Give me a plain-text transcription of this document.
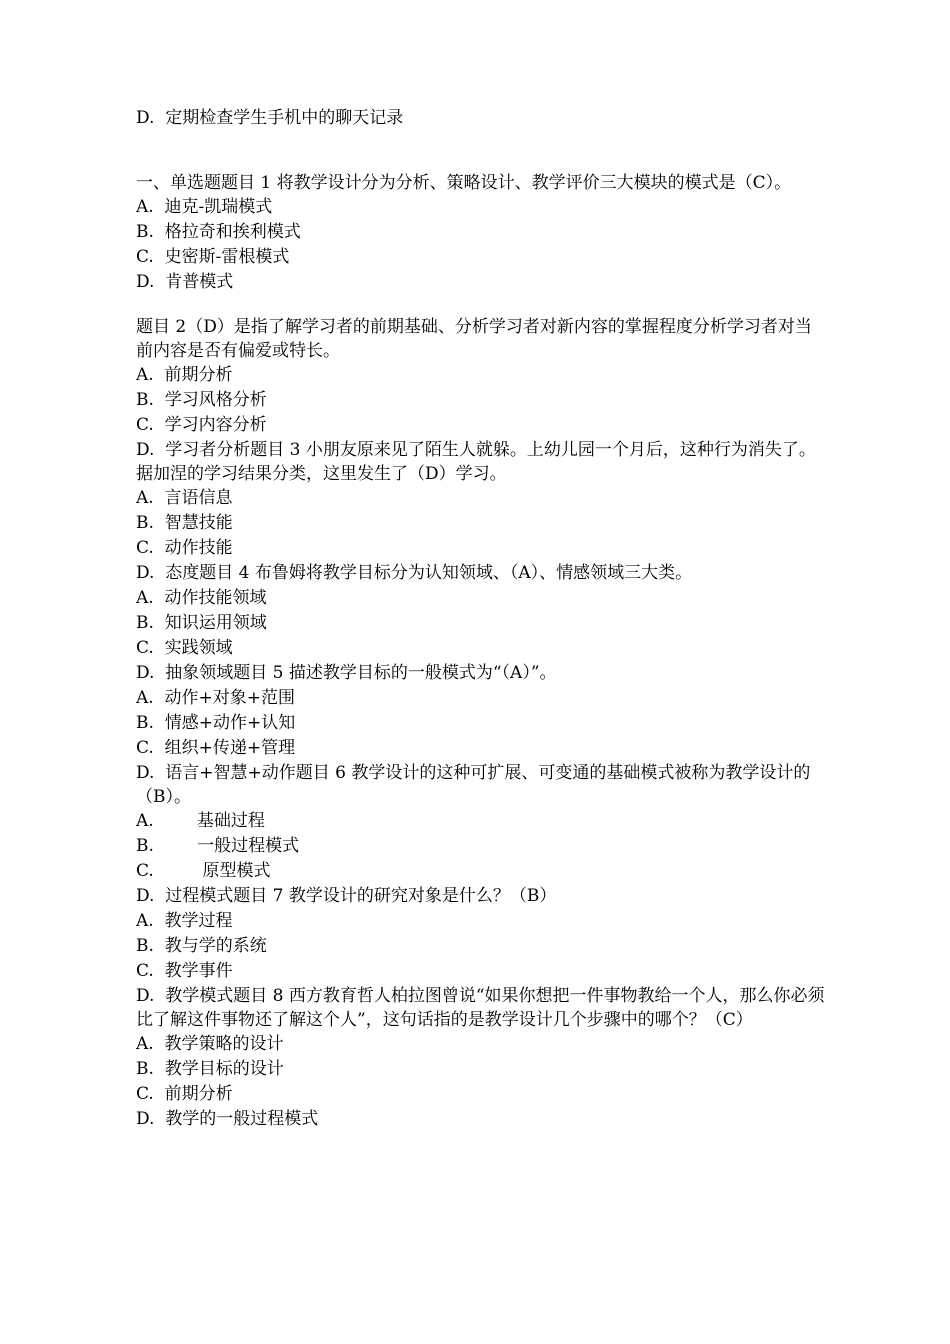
D.  定期检查学生手机中的聊天记录
一、单选题题目 1 将教学设计分为分析、策略设计、教学评价三大模块的模式是（C）。
A.  迪克-凯瑞模式
B.  格拉奇和挨利模式
C.  史密斯-雷根模式
D.  肯普模式
题目 2（D）是指了解学习者的前期基础、分析学习者对新内容的掌握程度分析学习者对当前内容是否有偏爱或特长。
A.  前期分析
B.  学习风格分析
C.  学习内容分析
D.  学习者分析题目 3 小朋友原来见了陌生人就躲。上幼儿园一个月后，这种行为消失了。据加涅的学习结果分类，这里发生了（D）学习。
A.  言语信息
B.  智慧技能
C.  动作技能
D.  态度题目 4 布鲁姆将教学目标分为认知领域、（A）、情感领域三大类。
A.  动作技能领域
B.  知识运用领域
C.  实践领域
D.  抽象领域题目 5 描述教学目标的一般模式为“（A）”。
A.  动作+对象+范围
B.  情感+动作+认知
C.  组织+传递+管理
D.  语言+智慧+动作题目 6 教学设计的这种可扩展、可变通的基础模式被称为教学设计的（B）。
A.        基础过程
B.        一般过程模式
C.         原型模式
D.  过程模式题目 7 教学设计的研究对象是什么？（B）
A.  教学过程
B.  教与学的系统
C.  教学事件
D.  教学模式题目 8 西方教育哲人柏拉图曾说“如果你想把一件事物教给一个人，那么你必须比了解这件事物还了解这个人”，这句话指的是教学设计几个步骤中的哪个？（C）
A.  教学策略的设计
B.  教学目标的设计
C.  前期分析
D.  教学的一般过程模式
